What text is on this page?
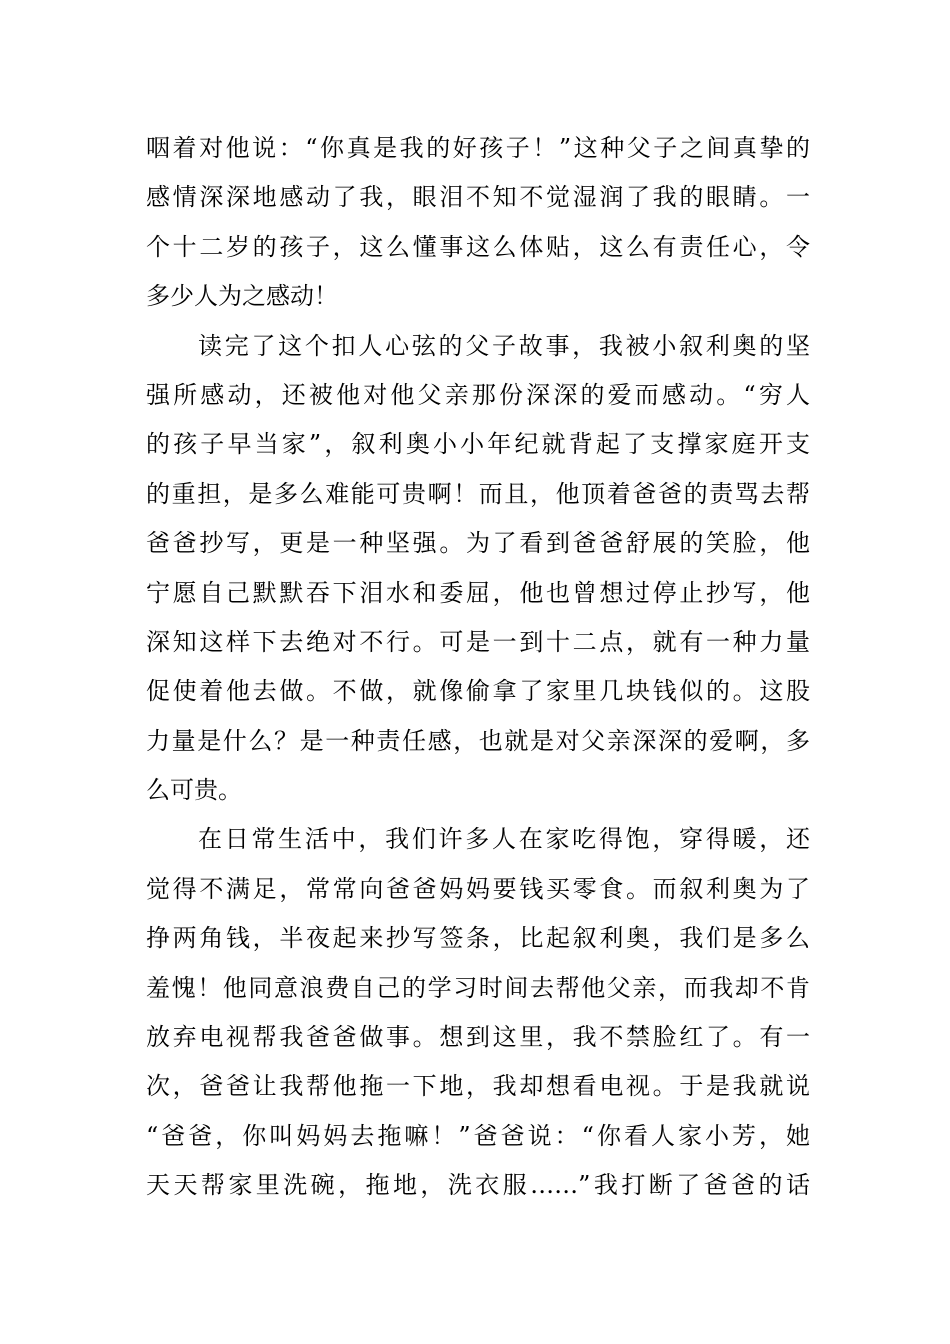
咽着对他说：“你真是我的好孩子！”这种父子之间真挚的
感情深深地感动了我，眼泪不知不觉湿润了我的眼睛。一
个十二岁的孩子，这么懂事这么体贴，这么有责任心，令
多少人为之感动！
读完了这个扣人心弦的父子故事，我被小叙利奥的坚
强所感动，还被他对他父亲那份深深的爱而感动。“穷人
的孩子早当家”，叙利奥小小年纪就背起了支撑家庭开支
的重担，是多么难能可贵啊！而且，他顶着爸爸的责骂去帮
爸爸抄写，更是一种坚强。为了看到爸爸舒展的笑脸，他
宁愿自己默默吞下泪水和委屈，他也曾想过停止抄写，他
深知这样下去绝对不行。可是一到十二点，就有一种力量
促使着他去做。不做，就像偷拿了家里几块钱似的。这股
力量是什么？是一种责任感，也就是对父亲深深的爱啊，多
么可贵。
在日常生活中，我们许多人在家吃得饱，穿得暖，还
觉得不满足，常常向爸爸妈妈要钱买零食。而叙利奥为了
挣两角钱，半夜起来抄写签条，比起叙利奥，我们是多么
羞愧！他同意浪费自己的学习时间去帮他父亲，而我却不肯
放弃电视帮我爸爸做事。想到这里，我不禁脸红了。有一
次，爸爸让我帮他拖一下地，我却想看电视。于是我就说
“爸爸，你叫妈妈去拖嘛！”爸爸说：“你看人家小芳，她
天天帮家里洗碗，拖地，洗衣服……”我打断了爸爸的话
